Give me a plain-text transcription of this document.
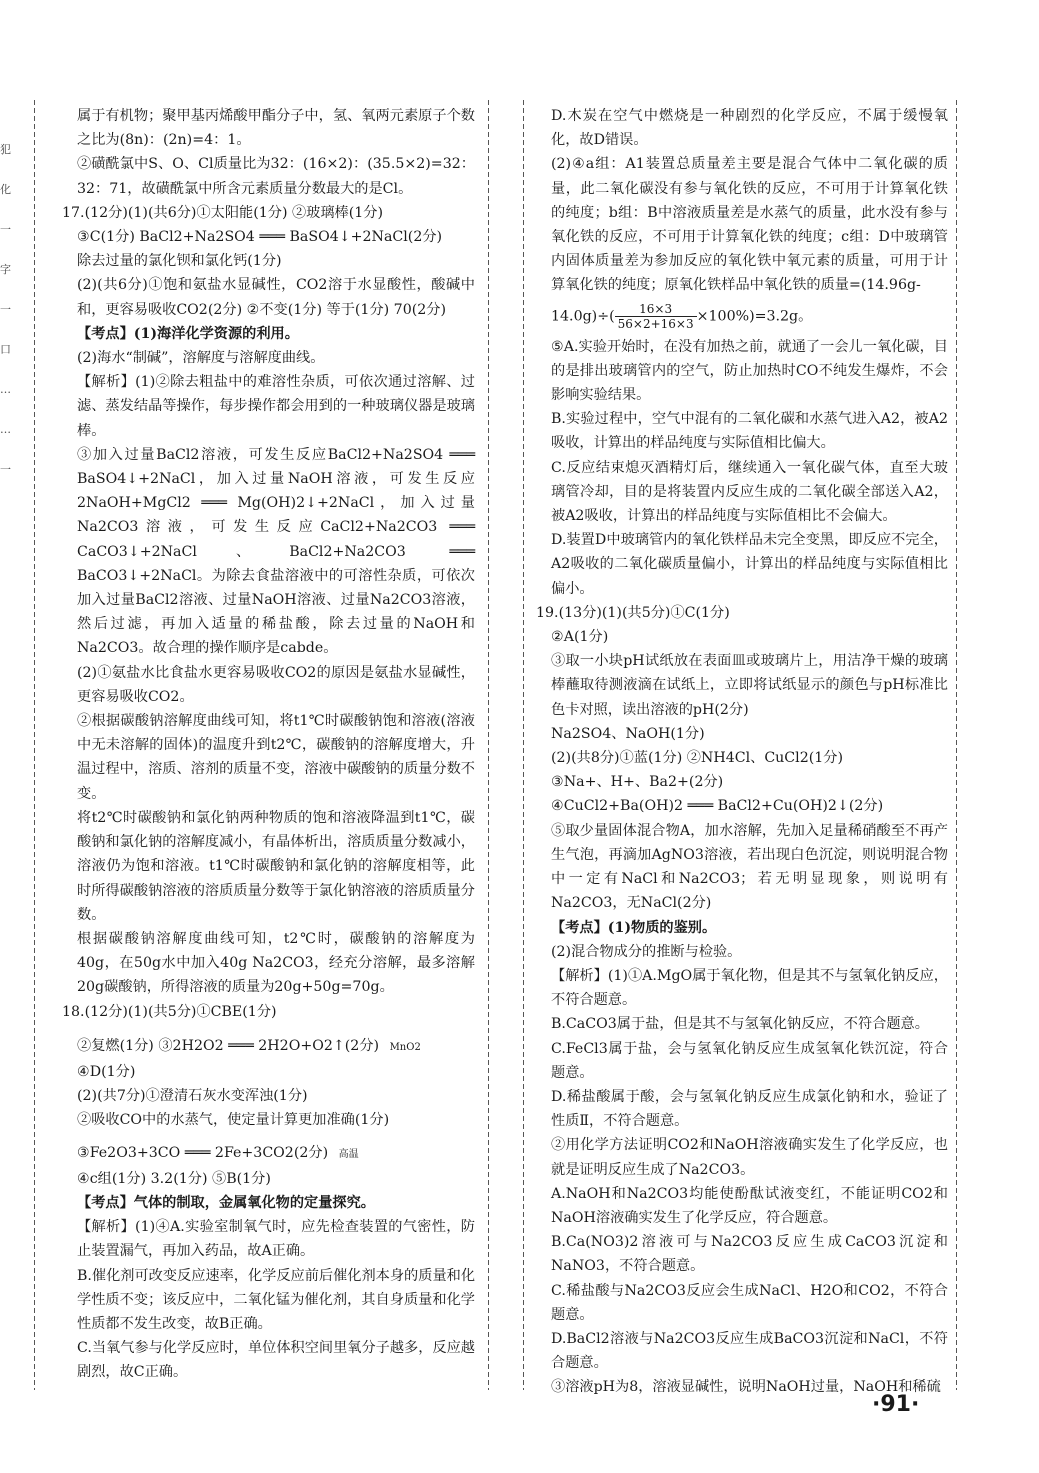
犯
化
一
字
一
口
…
…
一

属于有机物；聚甲基丙烯酸甲酯分子中，氢、氧两元素原子个数之比为(8n)：(2n)=4：1。

②磺酰氯中S、O、Cl质量比为32：(16×2)：(35.5×2)=32：32：71，故磺酰氯中所含元素质量分数最大的是Cl。

17.(12分)(1)(共6分)①太阳能(1分) ②玻璃棒(1分)

③C(1分) BaCl2+Na2SO4 ═══ BaSO4↓+2NaCl(2分)

除去过量的氯化钡和氯化钙(1分)

(2)(共6分)①饱和氨盐水显碱性，CO2溶于水显酸性，酸碱中和，更容易吸收CO2(2分) ②不变(1分) 等于(1分) 70(2分)

【考点】(1)海洋化学资源的利用。

(2)海水“制碱”，溶解度与溶解度曲线。

【解析】(1)②除去粗盐中的难溶性杂质，可依次通过溶解、过滤、蒸发结晶等操作，每步操作都会用到的一种玻璃仪器是玻璃棒。

③加入过量BaCl2溶液，可发生反应BaCl2+Na2SO4 ═══ BaSO4↓+2NaCl，加入过量NaOH溶液，可发生反应2NaOH+MgCl2 ═══ Mg(OH)2↓+2NaCl，加入过量Na2CO3溶液，可发生反应CaCl2+Na2CO3 ═══ CaCO3↓+2NaCl、BaCl2+Na2CO3 ═══ BaCO3↓+2NaCl。为除去食盐溶液中的可溶性杂质，可依次加入过量BaCl2溶液、过量NaOH溶液、过量Na2CO3溶液，然后过滤，再加入适量的稀盐酸，除去过量的NaOH和Na2CO3。故合理的操作顺序是cabde。

(2)①氨盐水比食盐水更容易吸收CO2的原因是氨盐水显碱性，更容易吸收CO2。

②根据碳酸钠溶解度曲线可知，将t1℃时碳酸钠饱和溶液(溶液中无未溶解的固体)的温度升到t2℃，碳酸钠的溶解度增大，升温过程中，溶质、溶剂的质量不变，溶液中碳酸钠的质量分数不变。

将t2℃时碳酸钠和氯化钠两种物质的饱和溶液降温到t1℃，碳酸钠和氯化钠的溶解度减小，有晶体析出，溶质质量分数减小，溶液仍为饱和溶液。t1℃时碳酸钠和氯化钠的溶解度相等，此时所得碳酸钠溶液的溶质质量分数等于氯化钠溶液的溶质质量分数。

根据碳酸钠溶解度曲线可知，t2℃时，碳酸钠的溶解度为40g，在50g水中加入40g Na2CO3，经充分溶解，最多溶解20g碳酸钠，所得溶液的质量为20g+50g=70g。

18.(12分)(1)(共5分)①CBE(1分)

②复燃(1分) ③2H2O2 ═══ 2H2O+O2↑(2分) MnO2

④D(1分)

(2)(共7分)①澄清石灰水变浑浊(1分)

②吸收CO中的水蒸气，使定量计算更加准确(1分)

③Fe2O3+3CO ═══ 2Fe+3CO2(2分) 高温

④c组(1分) 3.2(1分) ⑤B(1分)

【考点】气体的制取，金属氧化物的定量探究。

【解析】(1)④A.实验室制氧气时，应先检查装置的气密性，防止装置漏气，再加入药品，故A正确。

B.催化剂可改变反应速率，化学反应前后催化剂本身的质量和化学性质不变；该反应中，二氧化锰为催化剂，其自身质量和化学性质都不发生改变，故B正确。

C.当氧气参与化学反应时，单位体积空间里氧分子越多，反应越剧烈，故C正确。

D.木炭在空气中燃烧是一种剧烈的化学反应，不属于缓慢氧化，故D错误。

(2)④a组：A1装置总质量差主要是混合气体中二氧化碳的质量，此二氧化碳没有参与氧化铁的反应，不可用于计算氧化铁的纯度；b组：B中溶液质量差是水蒸气的质量，此水没有参与氧化铁的反应，不可用于计算氧化铁的纯度；c组：D中玻璃管内固体质量差为参加反应的氧化铁中氧元素的质量，可用于计算氧化铁的纯度；原氧化铁样品中氧化铁的质量=(14.96g-

$14.0g)\div( \frac{16\times 3}{56\times 2+16\times 3} \times 100\%)=3.2g$。

⑤A.实验开始时，在没有加热之前，就通了一会儿一氧化碳，目的是排出玻璃管内的空气，防止加热时CO不纯发生爆炸，不会影响实验结果。

B.实验过程中，空气中混有的二氧化碳和水蒸气进入A2，被A2吸收，计算出的样品纯度与实际值相比偏大。

C.反应结束熄灭酒精灯后，继续通入一氧化碳气体，直至大玻璃管冷却，目的是将装置内反应生成的二氧化碳全部送入A2，被A2吸收，计算出的样品纯度与实际值相比不会偏大。

D.装置D中玻璃管内的氧化铁样品未完全变黑，即反应不完全，A2吸收的二氧化碳质量偏小，计算出的样品纯度与实际值相比偏小。

19.(13分)(1)(共5分)①C(1分)

②A(1分)

③取一小块pH试纸放在表面皿或玻璃片上，用洁净干燥的玻璃棒蘸取待测液滴在试纸上，立即将试纸显示的颜色与pH标准比色卡对照，读出溶液的pH(2分)

Na2SO4、NaOH(1分)

(2)(共8分)①蓝(1分) ②NH4Cl、CuCl2(1分)

③Na+、H+、Ba2+(2分)

④CuCl2+Ba(OH)2 ═══ BaCl2+Cu(OH)2↓(2分)

⑤取少量固体混合物A，加水溶解，先加入足量稀硝酸至不再产生气泡，再滴加AgNO3溶液，若出现白色沉淀，则说明混合物中一定有NaCl和Na2CO3；若无明显现象，则说明有Na2CO3，无NaCl(2分)

【考点】(1)物质的鉴别。

(2)混合物成分的推断与检验。

【解析】(1)①A.MgO属于氧化物，但是其不与氢氧化钠反应，不符合题意。

B.CaCO3属于盐，但是其不与氢氧化钠反应，不符合题意。

C.FeCl3属于盐，会与氢氧化钠反应生成氢氧化铁沉淀，符合题意。

D.稀盐酸属于酸，会与氢氧化钠反应生成氯化钠和水，验证了性质Ⅱ，不符合题意。

②用化学方法证明CO2和NaOH溶液确实发生了化学反应，也就是证明反应生成了Na2CO3。

A.NaOH和Na2CO3均能使酚酞试液变红，不能证明CO2和NaOH溶液确实发生了化学反应，符合题意。

B.Ca(NO3)2溶液可与Na2CO3反应生成CaCO3沉淀和NaNO3，不符合题意。

C.稀盐酸与Na2CO3反应会生成NaCl、H2O和CO2，不符合题意。

D.BaCl2溶液与Na2CO3反应生成BaCO3沉淀和NaCl，不符合题意。

③溶液pH为8，溶液显碱性，说明NaOH过量，NaOH和稀硫

·91·
